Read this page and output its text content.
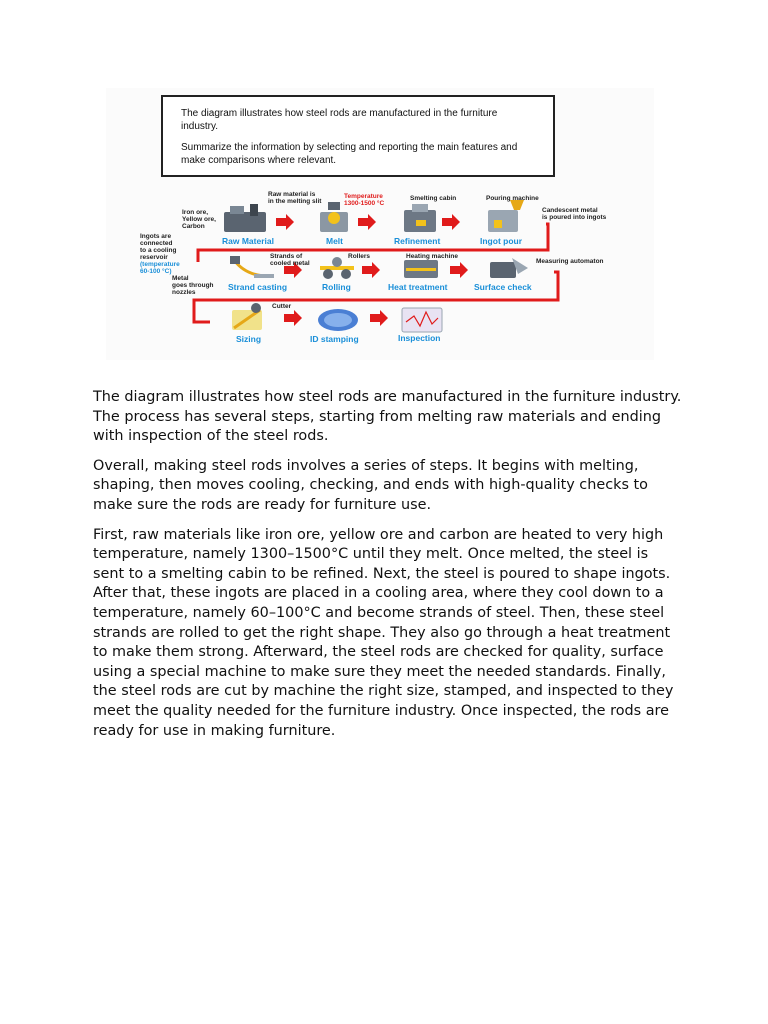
The diagram illustrates how steel rods are manufactured in the furniture industry.

Summarize the information by selecting and reporting the main features and make comparisons where relevant.

Raw Material	Melt	Refinement	Ingot pour
Strand casting	Rolling	Heat treatment	Surface check
Sizing	ID stamping	Inspection
Iron ore,
Yellow ore,
Carbon
Raw material is
in the melting slit
Temperature
1300-1500 °C
Smelting cabin	Pouring machine
Candescent metal
is poured into ingots
Ingots are
connected
to a cooling
reservoir
(temperature
60-100 °C)
Metal
goes through
nozzles
Strands of
cooled metal
Rollers	Heating machine
Measuring automaton
Cutter

The diagram illustrates how steel rods are manufactured in the furniture industry. The process has several steps, starting from melting raw materials and ending with inspection of the steel rods.

Overall, making steel rods involves a series of steps. It begins with melting, shaping, then moves cooling, checking, and ends with high-quality checks to make sure the rods are ready for furniture use.

First, raw materials like iron ore, yellow ore and carbon are heated to very high temperature, namely 1300–1500°C until they melt. Once melted, the steel is sent to a smelting cabin to be refined. Next, the steel is poured to shape ingots. After that, these ingots are placed in a cooling area, where they cool down to a temperature, namely 60–100°C and become strands of steel. Then, these steel strands are rolled to get the right shape. They also go through a heat treatment to make them strong. Afterward, the steel rods are checked for quality, surface using a special machine to make sure they meet the needed standards. Finally, the steel rods are cut by machine the right size, stamped, and inspected to they meet the quality needed for the furniture industry. Once inspected, the rods are ready for use in making furniture.
